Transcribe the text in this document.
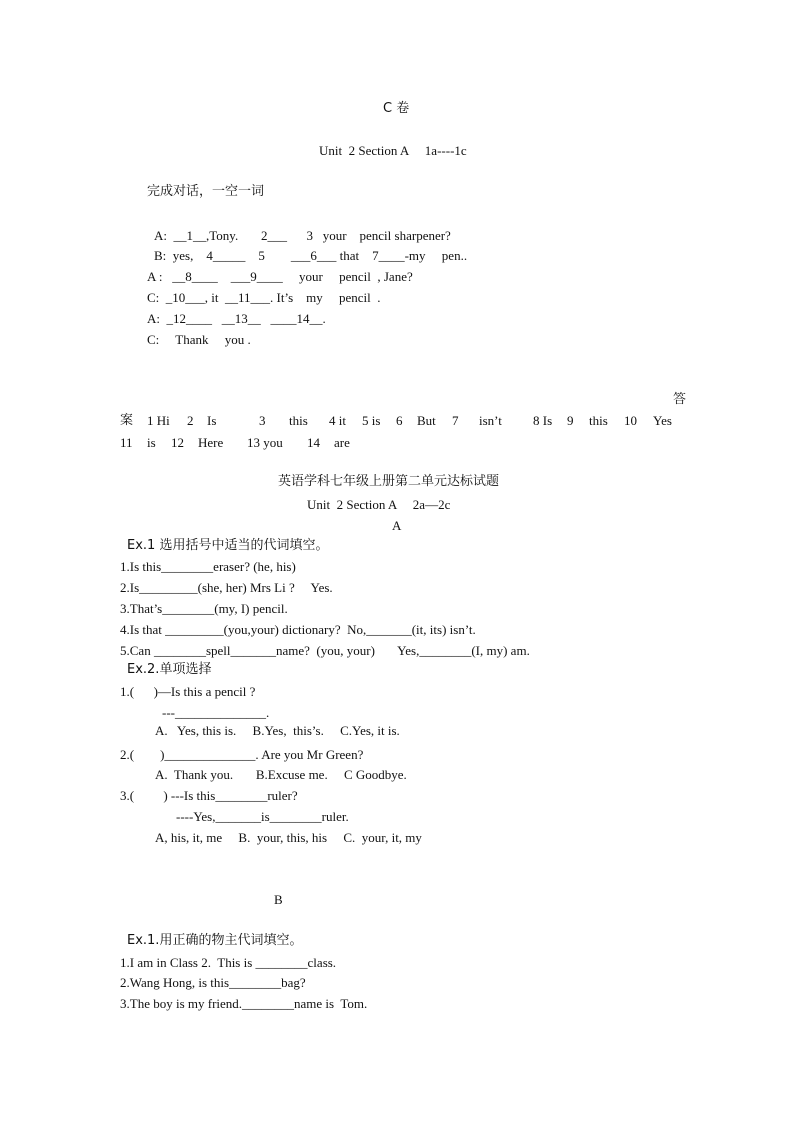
C 卷
Unit  2 Section A     1a----1c
完成对话，一空一词
A:  __1__,Tony.       2___      3   your    pencil sharpener?
B:  yes,    4_____    5        ___6___ that    7____-my     pen..
A :   __8____    ___9____     your     pencil  , Jane?
C:  _10___, it  __11___. It’s    my     pencil  .
A:  _12____   __13__   ____14__.
C:     Thank     you .
答

案

1 Hi

2

Is

	3

this

4 it

5 is

6

But

7

isn’t

8 Is

9

this

10

Yes

11

is

12

Here

13 you

14

are

英语学科七年级上册第二单元达标试题
Unit  2 Section A     2a—2c
A
Ex.1 选用括号中适当的代词填空。
1.Is this________eraser? (he, his)
2.Is_________(she, her) Mrs Li ?     Yes.
3.That’s________(my, I) pencil.
4.Is that _________(you,your) dictionary?  No,_______(it, its) isn’t.
5.Can ________spell_______name?  (you, your)       Yes,________(I, my) am.
Ex.2.单项选择
1.(      )—Is this a pencil ?
---______________.
A.   Yes, this is.     B.Yes,  this’s.     C.Yes, it is.
2.(        )______________. Are you Mr Green?
A.  Thank you.       B.Excuse me.     C Goodbye.
3.(         ) ---Is this________ruler?
----Yes,_______is________ruler.
A, his, it, me     B.  your, this, his     C.  your, it, my
B
Ex.1.用正确的物主代词填空。
1.I am in Class 2.  This is ________class.
2.Wang Hong, is this________bag?
3.The boy is my friend.________name is  Tom.
